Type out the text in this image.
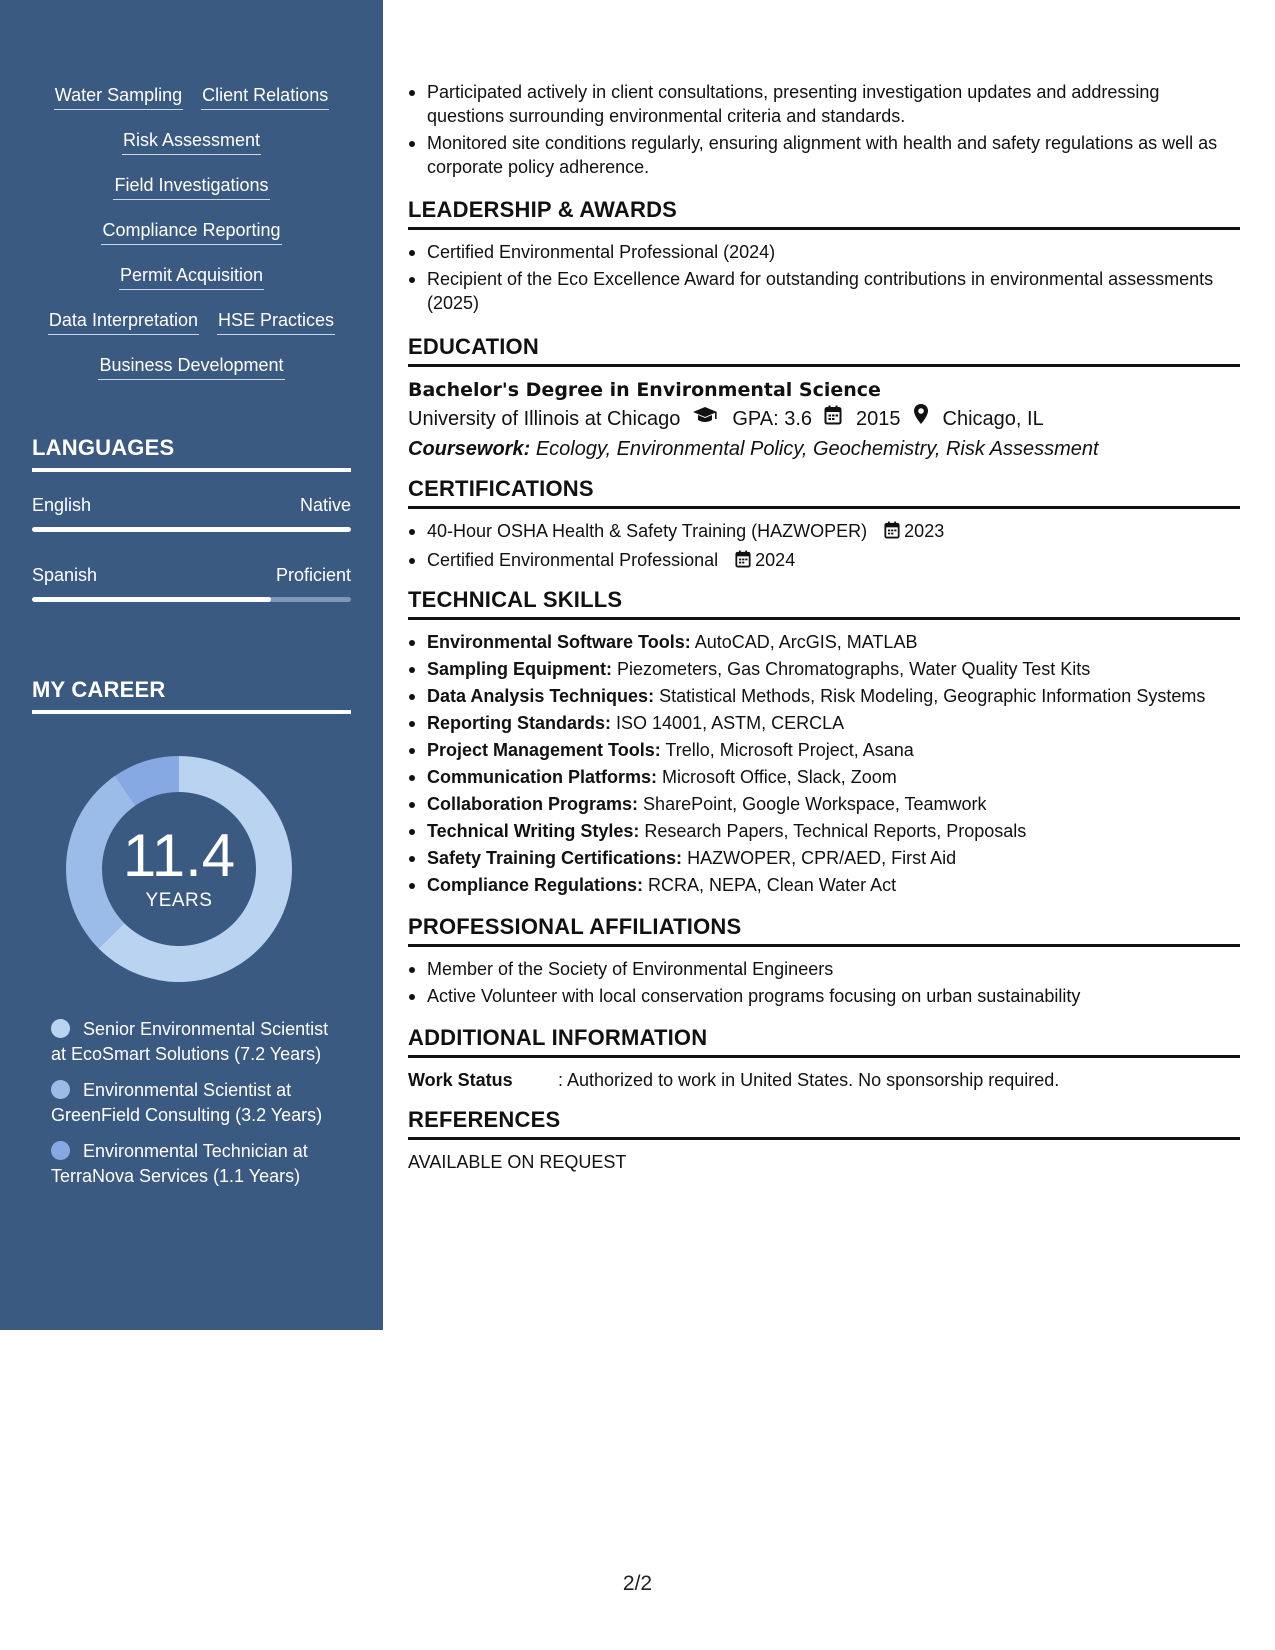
Water Sampling Client Relations
Risk Assessment
Field Investigations
Compliance Reporting
Permit Acquisition
Data Interpretation HSE Practices
Business Development
LANGUAGES
English	Native
Spanish	Proficient
MY CAREER
11.4
YEARS
Senior Environmental Scientist at EcoSmart Solutions (7.2 Years)
Environmental Scientist at GreenField Consulting (3.2 Years)
Environmental Technician at TerraNova Services (1.1 Years)
Participated actively in client consultations, presenting investigation updates and addressing questions surrounding environmental criteria and standards.
Monitored site conditions regularly, ensuring alignment with health and safety regulations as well as corporate policy adherence.
LEADERSHIP & AWARDS
Certified Environmental Professional (2024)
Recipient of the Eco Excellence Award for outstanding contributions in environmental assessments (2025)
EDUCATION
Bachelor's Degree in Environmental Science
University of Illinois at Chicago	GPA: 3.6 2015 Chicago, IL
Coursework: Ecology, Environmental Policy, Geochemistry, Risk Assessment
CERTIFICATIONS
40-Hour OSHA Health & Safety Training (HAZWOPER) 2023
Certified Environmental Professional 2024
TECHNICAL SKILLS
Environmental Software Tools: AutoCAD, ArcGIS, MATLAB
Sampling Equipment: Piezometers, Gas Chromatographs, Water Quality Test Kits
Data Analysis Techniques: Statistical Methods, Risk Modeling, Geographic Information Systems
Reporting Standards: ISO 14001, ASTM, CERCLA
Project Management Tools: Trello, Microsoft Project, Asana
Communication Platforms: Microsoft Office, Slack, Zoom
Collaboration Programs: SharePoint, Google Workspace, Teamwork
Technical Writing Styles: Research Papers, Technical Reports, Proposals
Safety Training Certifications: HAZWOPER, CPR/AED, First Aid
Compliance Regulations: RCRA, NEPA, Clean Water Act
PROFESSIONAL AFFILIATIONS
Member of the Society of Environmental Engineers
Active Volunteer with local conservation programs focusing on urban sustainability
ADDITIONAL INFORMATION
Work Status	: Authorized to work in United States. No sponsorship required.
REFERENCES
AVAILABLE ON REQUEST
2/2
